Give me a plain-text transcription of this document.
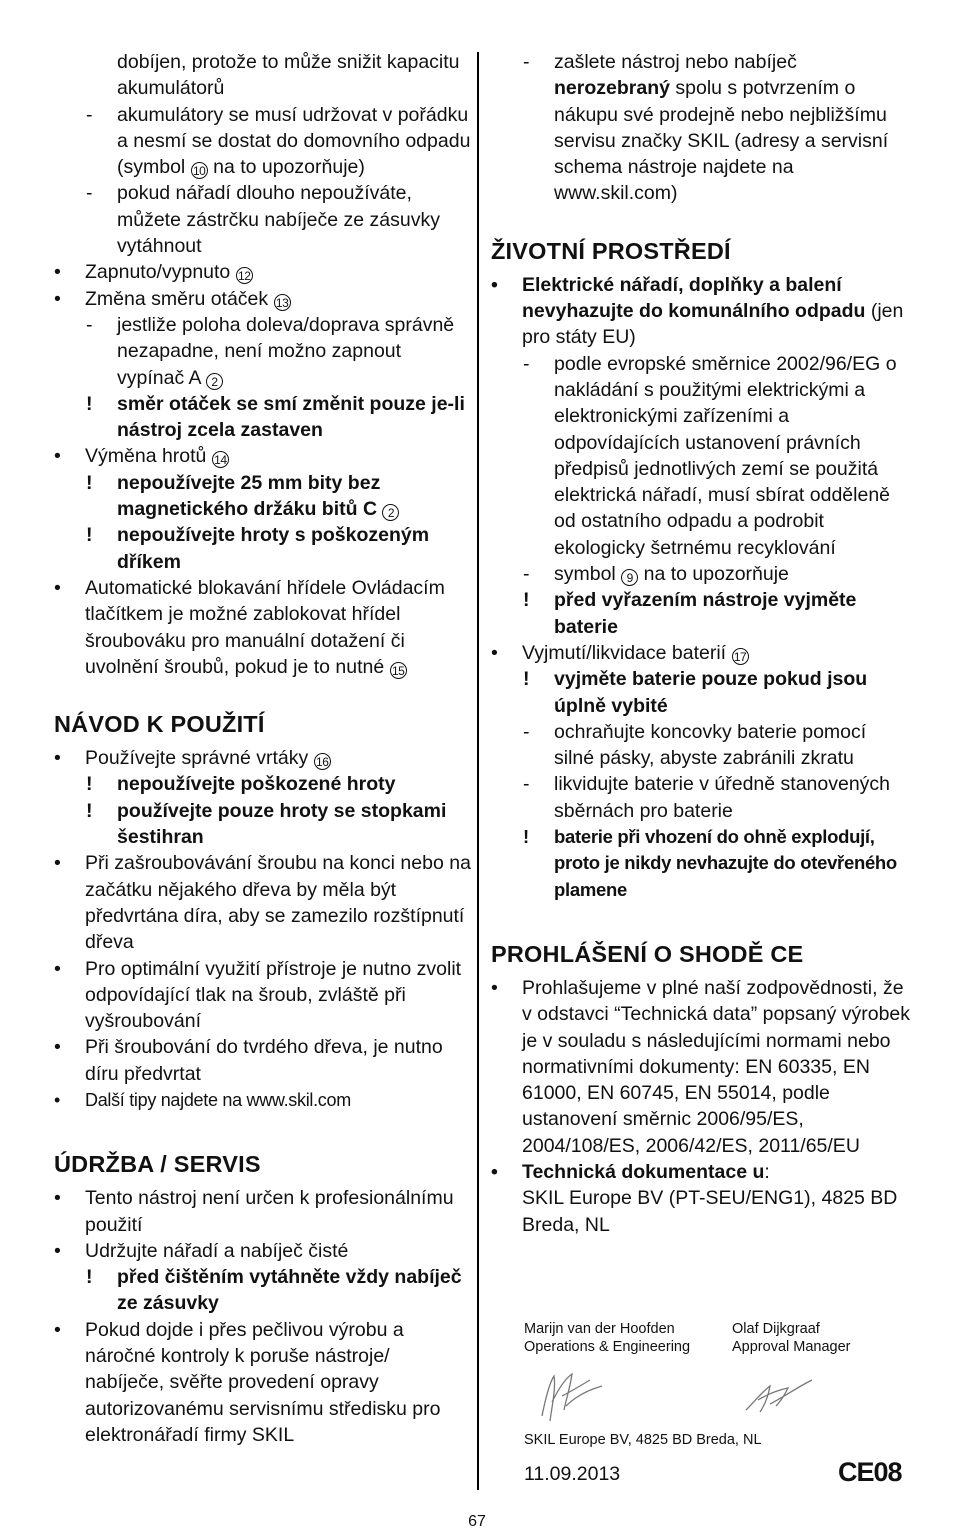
dobíjen, protože to může snižit kapacitu akumulátorů
- akumulátory se musí udržovat v pořádku a nesmí se dostat do domovního odpadu (symbol 10 na to upozorňuje)
- pokud nářadí dlouho nepoužíváte, můžete zástrčku nabíječe ze zásuvky vytáhnout
• Zapnuto/vypnuto 12
• Změna směru otáček 13
- jestliže poloha doleva/doprava správně nezapadne, není možno zapnout vypínač A 2
! směr otáček se smí změnit pouze je-li nástroj zcela zastaven
• Výměna hrotů 14
! nepoužívejte 25 mm bity bez magnetického držáku bitů C 2
! nepoužívejte hroty s poškozeným dříkem
• Automatické blokavání hřídele Ovládacím tlačítkem je možné zablokovat hřídel šroubováku pro manuální dotažení či uvolnění šroubů, pokud je to nutné 15
NÁVOD K POUŽITÍ
• Používejte správné vrtáky 16
! nepoužívejte poškozené hroty
! používejte pouze hroty se stopkami šestihran
• Při zašroubovávání šroubu na konci nebo na začátku nějakého dřeva by měla být předvrtána díra, aby se zamezilo rozštípnutí dřeva
• Pro optimální využití přístroje je nutno zvolit odpovídající tlak na šroub, zvláště při vyšroubování
• Při šroubování do tvrdého dřeva, je nutno díru předvrtat
• Další tipy najdete na www.skil.com
ÚDRŽBA / SERVIS
• Tento nástroj není určen k profesionálnímu použití
• Udržujte nářadí a nabíječ čisté
! před čištěním vytáhněte vždy nabíječ ze zásuvky
• Pokud dojde i přes pečlivou výrobu a náročné kontroly k poruše nástroje/ nabíječe, svěřte provedení opravy autorizovanému servisnímu středisku pro elektronářadí firmy SKIL
- zašlete nástroj nebo nabíječ nerozebraný spolu s potvrzením o nákupu své prodejně nebo nejbližšímu servisu značky SKIL (adresy a servisní schema nástroje najdete na www.skil.com)
ŽIVOTNÍ PROSTŘEDÍ
• Elektrické nářadí, doplňky a balení nevyhazujte do komunálního odpadu (jen pro státy EU)
- podle evropské směrnice 2002/96/EG o nakládání s použitými elektrickými a elektronickými zařízeními a odpovídajících ustanovení právních předpisů jednotlivých zemí se použitá elektrická nářadí, musí sbírat odděleně od ostatního odpadu a podrobit ekologicky šetrnému recyklování
- symbol 9 na to upozorňuje
! před vyřazením nástroje vyjměte baterie
• Vyjmutí/likvidace baterií 17
! vyjměte baterie pouze pokud jsou úplně vybité
- ochraňujte koncovky baterie pomocí silné pásky, abyste zabránili zkratu
- likvidujte baterie v úředně stanovených sběrnách pro baterie
! baterie při vhození do ohně explodují, proto je nikdy nevhazujte do otevřeného plamene
PROHLÁŠENÍ O SHODĚ CE
• Prohlašujeme v plné naší zodpovědnosti, že v odstavci “Technická data” popsaný výrobek je v souladu s následujícími normami nebo normativními dokumenty: EN 60335, EN 61000, EN 60745, EN 55014, podle ustanovení směrnic 2006/95/ES, 2004/108/ES, 2006/42/ES, 2011/65/EU
• Technická dokumentace u:
SKIL Europe BV (PT-SEU/ENG1), 4825 BD Breda, NL
Marijn van der Hoofden
Operations & Engineering
Olaf Dijkgraaf
Approval Manager
SKIL Europe BV, 4825 BD Breda, NL
11.09.2013	CE08
67
